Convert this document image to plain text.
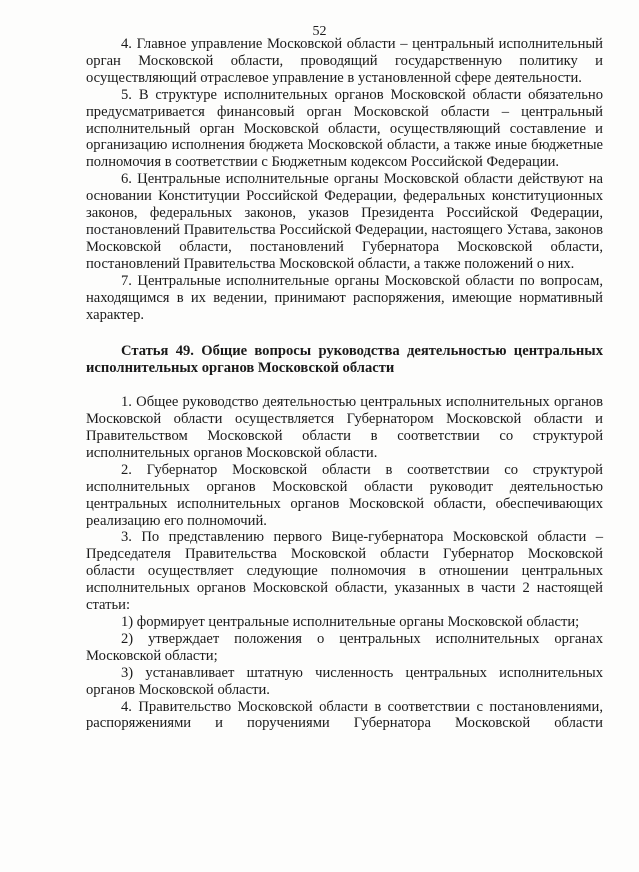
52

4. Главное управление Московской области – центральный исполнительный орган Московской области, проводящий государственную политику и осуществляющий отраслевое управление в установленной сфере деятельности.

5. В структуре исполнительных органов Московской области обязательно предусматривается финансовый орган Московской области – центральный исполнительный орган Московской области, осуществляющий составление и организацию исполнения бюджета Московской области, а также иные бюджетные полномочия в соответствии с Бюджетным кодексом Российской Федерации.

6. Центральные исполнительные органы Московской области действуют на основании Конституции Российской Федерации, федеральных конституционных законов, федеральных законов, указов Президента Российской Федерации, постановлений Правительства Российской Федерации, настоящего Устава, законов Московской области, постановлений Губернатора Московской области, постановлений Правительства Московской области, а также положений о них.

7. Центральные исполнительные органы Московской области по вопросам, находящимся в их ведении, принимают распоряжения, имеющие нормативный характер.

Статья 49. Общие вопросы руководства деятельностью центральных исполнительных органов Московской области

1. Общее руководство деятельностью центральных исполнительных органов Московской области осуществляется Губернатором Московской области и Правительством Московской области в соответствии со структурой исполнительных органов Московской области.

2. Губернатор Московской области в соответствии со структурой исполнительных органов Московской области руководит деятельностью центральных исполнительных органов Московской области, обеспечивающих реализацию его полномочий.

3. По представлению первого Вице-губернатора Московской области – Председателя Правительства Московской области Губернатор Московской области осуществляет следующие полномочия в отношении центральных исполнительных органов Московской области, указанных в части 2 настоящей статьи:

1) формирует центральные исполнительные органы Московской области;

2) утверждает положения о центральных исполнительных органах Московской области;

3) устанавливает штатную численность центральных исполнительных органов Московской области.

4. Правительство Московской области в соответствии с постановлениями, распоряжениями и поручениями Губернатора Московской области
